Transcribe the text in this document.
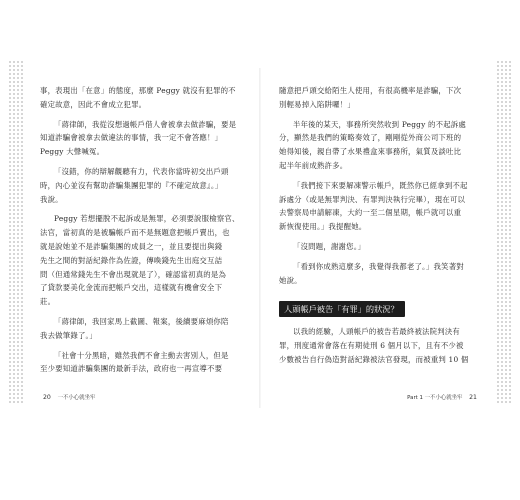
事，表現出「在意」的態度，那麼 Peggy 就沒有犯罪的不
確定故意，因此不會成立犯罪。

「蔣律師，我從沒想過帳戶借人會被拿去做詐騙，要是
知道詐騙會被拿去做違法的事情，我一定不會答應！」
Peggy 大聲喊冤。

「沒錯，你的辯解觀聽有力，代表你當時初交出戶頭
時，內心並沒有幫助詐騙集團犯罪的『不確定故意』。」
我說。

Peggy 若想擺脫不起訴或是無罪，必須要說服檢察官、
法官，當初真的是被騙帳戶而不是無題意把帳戶賣出，也
就是說她並不是詐騙集團的成員之一，並且要提出與錢
先生之間的對話紀錄作為佐證，傳喚錢先生出庭交互詰
問（但通常錢先生不會出現就是了），確認當初真的是為
了貸款要美化金流而把帳戶交出，這樣就有機會安全下
莊。

「蔣律師，我回家馬上截圖、報案，後續要麻煩你陪
我去做筆錄了。」

「社會十分黑暗，雖然我們不會主動去害別人，但是
至少要知道詐騙集團的最新手法，政府也一再宣導不要

隨意把戶頭交給陌生人使用，有很高機率是詐騙，下次
別輕易掉入陷阱囉！」

半年後的某天，事務所突然收到 Peggy 的不起訴處
分，顯然是我們的策略奏效了，剛剛從外商公司下班的
她得知後，親自帶了水果禮盒來事務所，氣質及談吐比
起半年前成熟許多。

「我們接下來要解凍警示帳戶，既然你已經拿到不起
訴處分（或是無罪判決、有罪判決執行完畢），現在可以
去警察局申請解凍，大約一至二個星期，帳戶就可以重
新恢復使用。」我提醒她。

「沒問題，謝謝您。」

「看到你成熟這麼多，我覺得我都老了。」我笑著對
她說。

人頭帳戶被告「有罪」的狀況？

以我的經驗，人頭帳戶的被告若最終被法院判決有
罪，刑度通常會落在有期徒刑 6 個月以下，且有不少被
少數被告自行偽造對話紀錄被法官發現，而被重判 10 個

20 一不小心就坐牢	Part 1 一不小心就坐牢 21
